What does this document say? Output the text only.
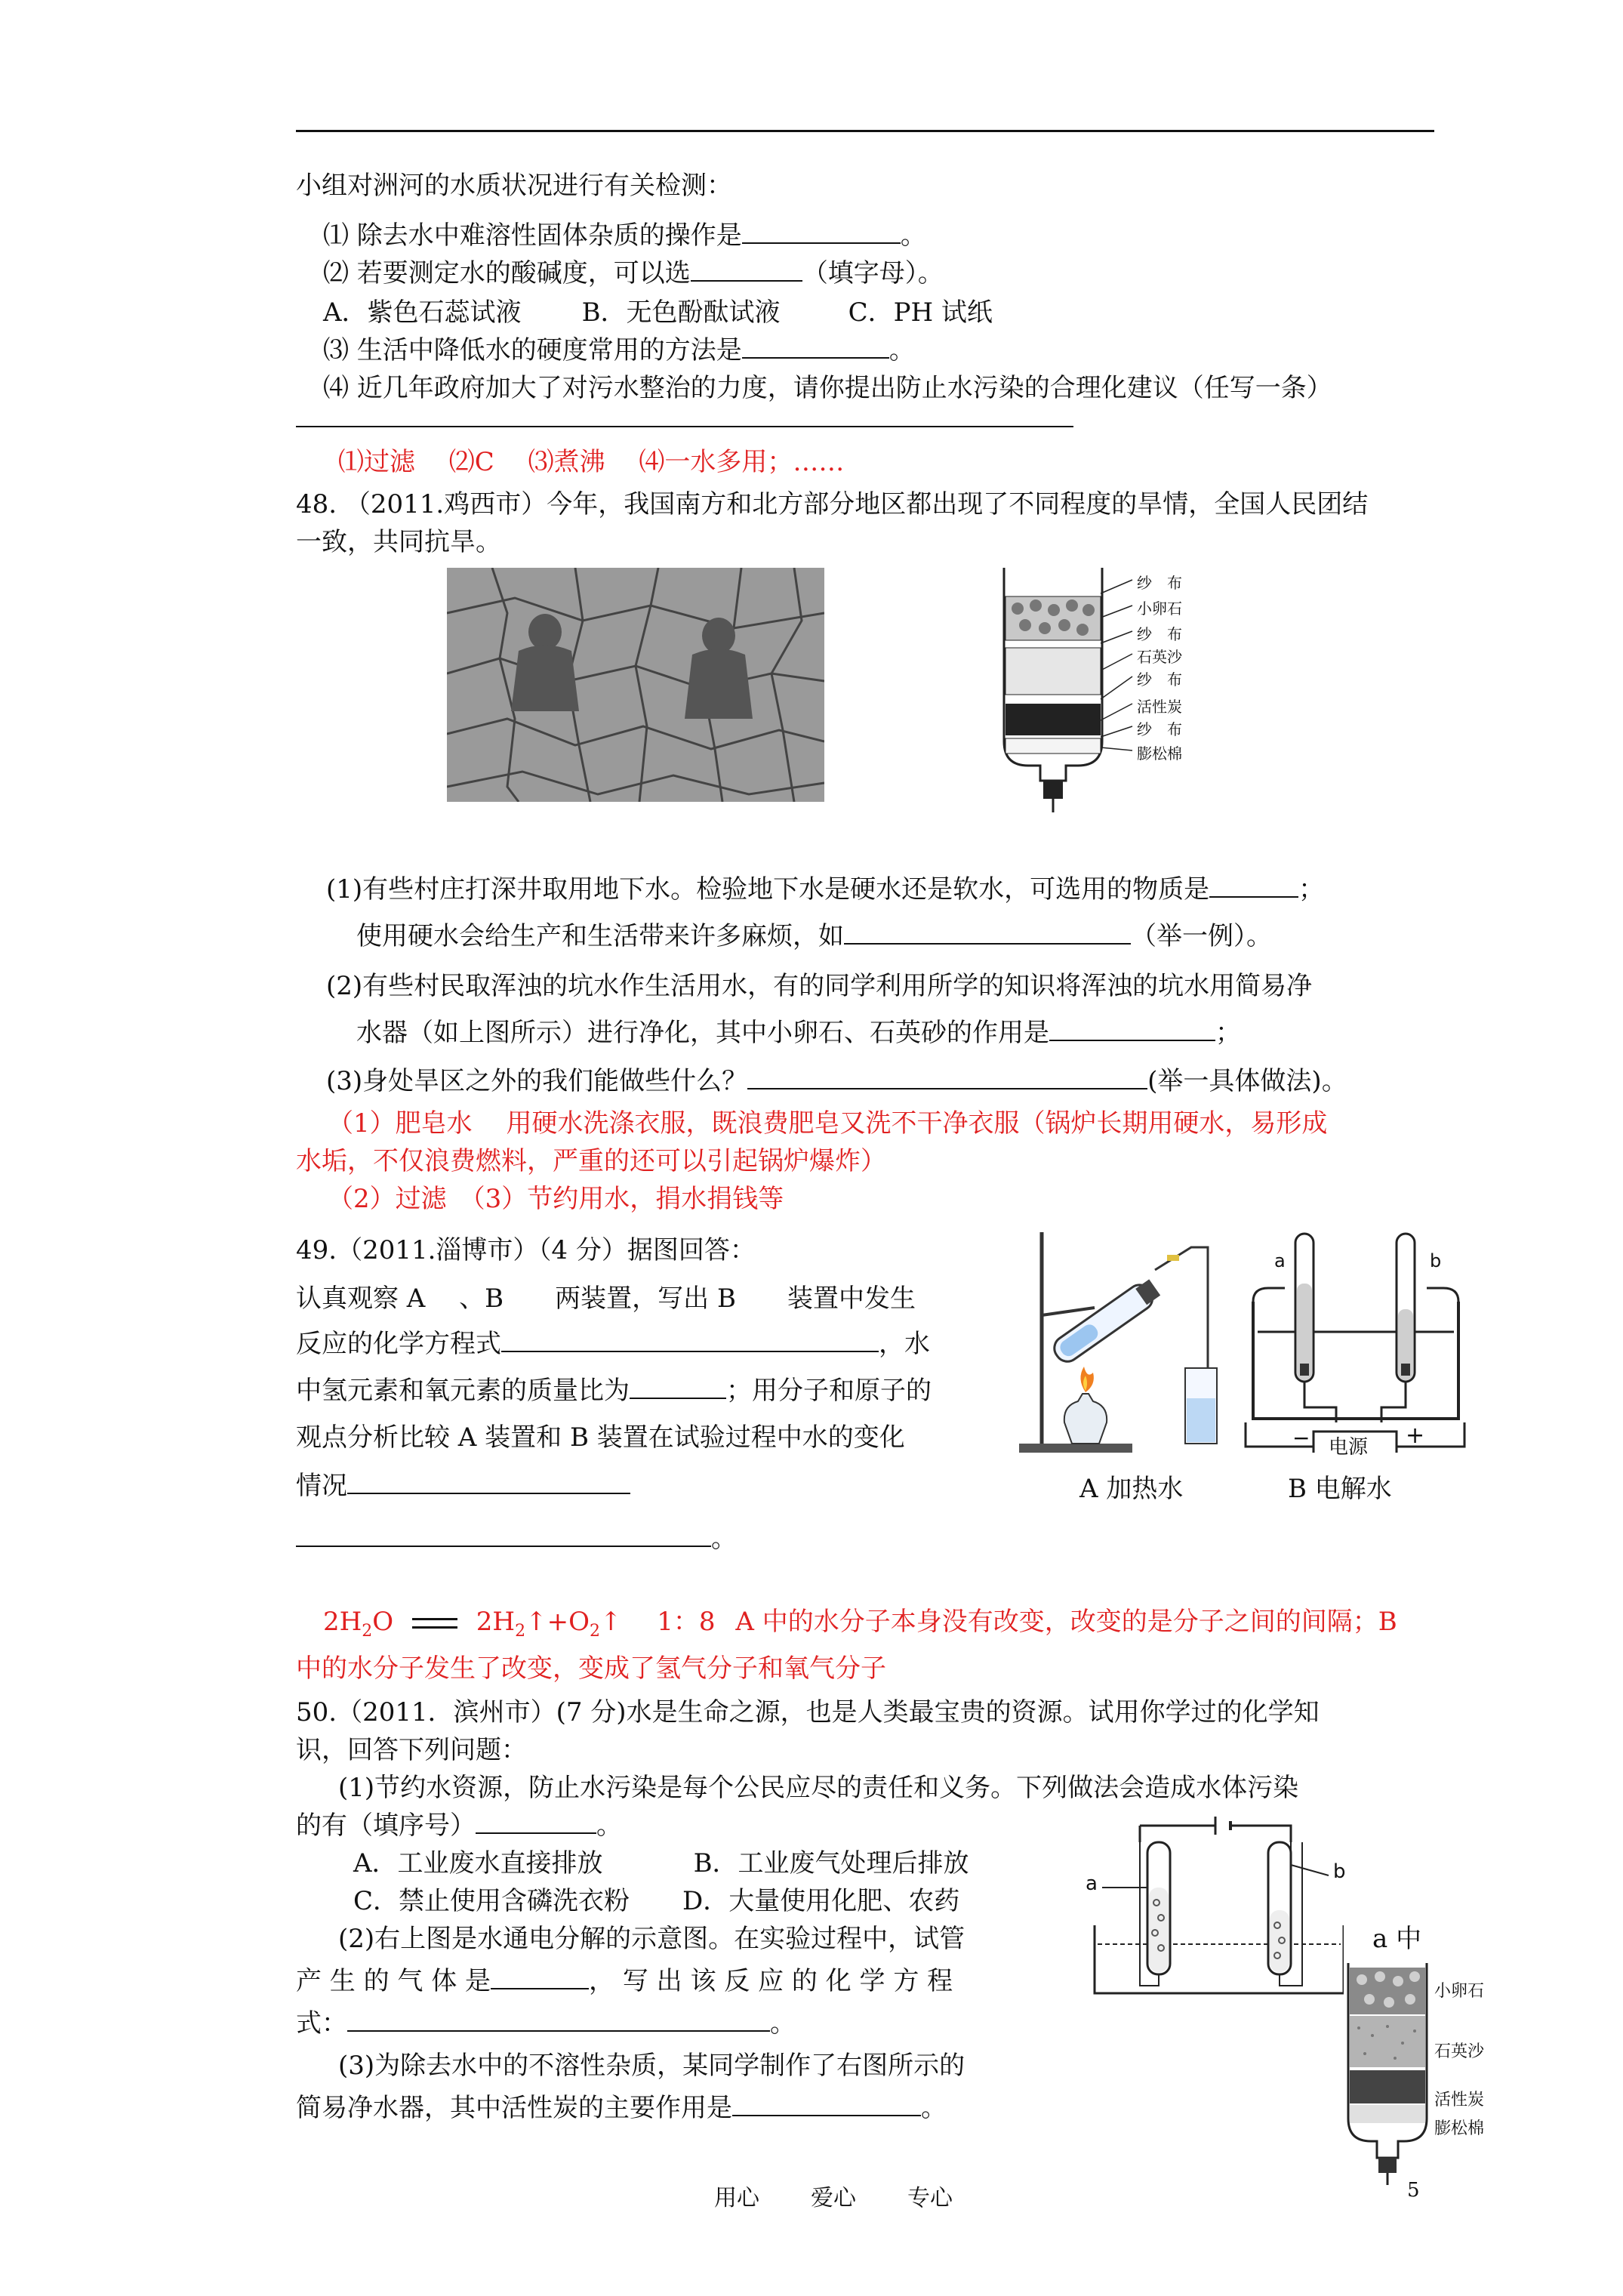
小组对洲河的水质状况进行有关检测：
⑴ 除去水中难溶性固体杂质的操作是	。
⑵ 若要测定水的酸碱度，可以选	（填字母）。
A．紫色石蕊试液 B．无色酚酞试液	C．PH 试纸
⑶ 生活中降低水的硬度常用的方法是	。
⑷ 近几年政府加大了对污水整治的力度，请你提出防止水污染的合理化建议（任写一条）
⑴过滤　 ⑵C　 ⑶煮沸　 ⑷一水多用；……
48. （2011.鸡西市）今年，我国南方和北方部分地区都出现了不同程度的旱情，全国人民团结
一致，共同抗旱。
纱　布
小卵石
纱　布
石英沙
纱　布
活性炭
纱　布
膨松棉
(1)有些村庄打深井取用地下水。检验地下水是硬水还是软水，可选用的物质是	；
使用硬水会给生产和生活带来许多麻烦，如	（举一例）。
(2)有些村民取浑浊的坑水作生活用水，有的同学利用所学的知识将浑浊的坑水用简易净
水器（如上图所示）进行净化，其中小卵石、石英砂的作用是	；
(3)身处旱区之外的我们能做些什么？	(举一具体做法)。
（1）肥皂水　 用硬水洗涤衣服，既浪费肥皂又洗不干净衣服（锅炉长期用硬水，易形成
水垢，不仅浪费燃料，严重的还可以引起锅炉爆炸）
（2）过滤　（3）节约用水，捐水捐钱等
49.（2011.淄博市）（4 分）据图回答：
认真观察 A　 、B　　两装置，写出 B　　装置中发生
反应的化学方程式	，水
中氢元素和氧元素的质量比为	；用分子和原子的
观点分析比较 A 装置和 B 装置在试验过程中水的变化
情况
。
a	b
电源
−	+
A 加热水	B 电解水
$2H_2O$	$2H_2↑+O_2↑$ 1：8 A 中的水分子本身没有改变，改变的是分子之间的间隔；B
中的水分子发生了改变，变成了氢气分子和氧气分子
50.（2011．滨州市）(7 分)水是生命之源，也是人类最宝贵的资源。试用你学过的化学知
识，回答下列问题：
(1)节约水资源，防止水污染是每个公民应尽的责任和义务。下列做法会造成水体污染
的有（填序号）	。
A．工业废水直接排放	B．工业废气处理后排放
C．禁止使用含磷洗衣粉 D．大量使用化肥、农药
(2)右上图是水通电分解的示意图。在实验过程中，试管	a 中
产 生 的 气 体 是	， 写 出 该 反 应 的 化 学 方 程
式：	。
(3)为除去水中的不溶性杂质，某同学制作了右图所示的
简易净水器，其中活性炭的主要作用是	。
a
b
小卵石
石英沙
活性炭
膨松棉
用心 爱心 专心	5
